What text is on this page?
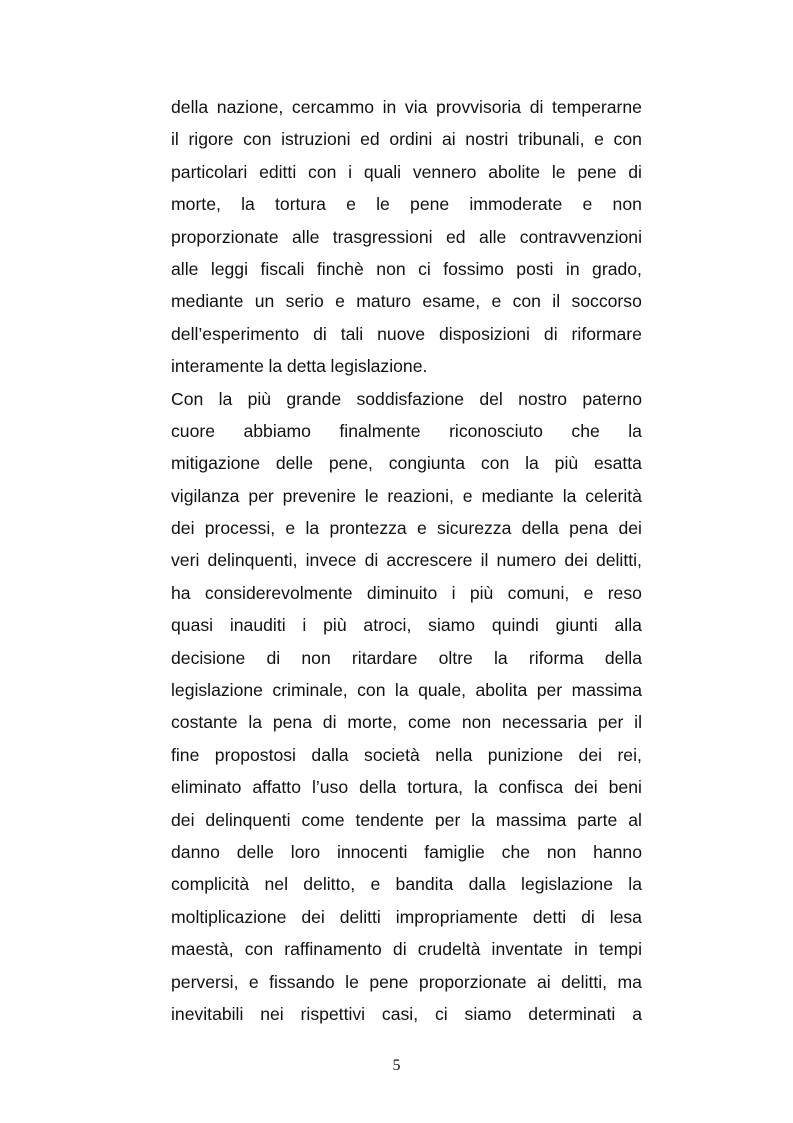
della nazione, cercammo in via provvisoria di temperarne
il rigore con istruzioni ed ordini ai nostri tribunali, e con
particolari editti con i quali vennero abolite le pene di
morte, la tortura e le pene immoderate e non
proporzionate alle trasgressioni ed alle contravvenzioni
alle leggi fiscali finchè non ci fossimo posti in grado,
mediante un serio e maturo esame, e con il soccorso
dell’esperimento di tali nuove disposizioni di riformare
interamente la detta legislazione.
Con la più grande soddisfazione del nostro paterno
cuore abbiamo finalmente riconosciuto che la
mitigazione delle pene, congiunta con la più esatta
vigilanza per prevenire le reazioni, e mediante la celerità
dei processi, e la prontezza e sicurezza della pena dei
veri delinquenti, invece di accrescere il numero dei delitti,
ha considerevolmente diminuito i più comuni, e reso
quasi inauditi i più atroci, siamo quindi giunti alla
decisione di non ritardare oltre la riforma della
legislazione criminale, con la quale, abolita per massima
costante la pena di morte, come non necessaria per il
fine propostosi dalla società nella punizione dei rei,
eliminato affatto l’uso della tortura, la confisca dei beni
dei delinquenti come tendente per la massima parte al
danno delle loro innocenti famiglie che non hanno
complicità nel delitto, e bandita dalla legislazione la
moltiplicazione dei delitti impropriamente detti di lesa
maestà, con raffinamento di crudeltà inventate in tempi
perversi, e fissando le pene proporzionate ai delitti, ma
inevitabili nei rispettivi casi, ci siamo determinati a
5
